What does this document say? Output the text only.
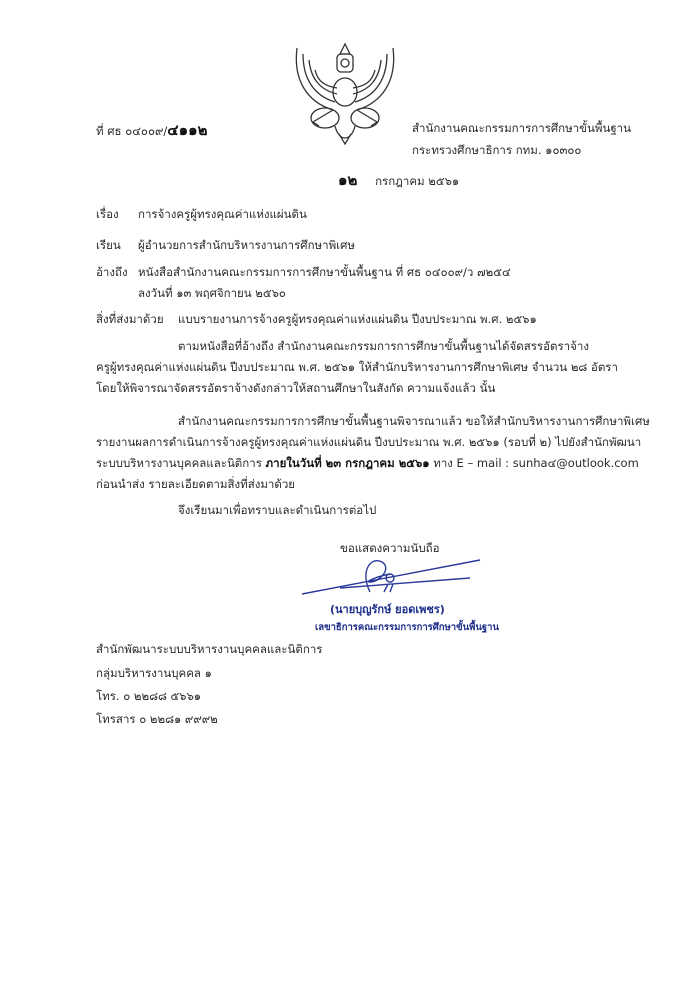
ที่ ศธ ๐๔๐๐๙/๔๑๑๒	สำนักงานคณะกรรมการการศึกษาขั้นพื้นฐาน
กระทรวงศึกษาธิการ กทม. ๑๐๓๐๐
๑๒ กรกฎาคม ๒๕๖๑
เรื่อง การจ้างครูผู้ทรงคุณค่าแห่งแผ่นดิน
เรียน ผู้อำนวยการสำนักบริหารงานการศึกษาพิเศษ
อ้างถึง หนังสือสำนักงานคณะกรรมการการศึกษาขั้นพื้นฐาน ที่ ศธ ๐๔๐๐๙/ว ๗๒๕๔
ลงวันที่ ๑๓ พฤศจิกายน ๒๕๖๐
สิ่งที่ส่งมาด้วย แบบรายงานการจ้างครูผู้ทรงคุณค่าแห่งแผ่นดิน ปีงบประมาณ พ.ศ. ๒๕๖๑
ตามหนังสือที่อ้างถึง สำนักงานคณะกรรมการการศึกษาขั้นพื้นฐานได้จัดสรรอัตราจ้าง
ครูผู้ทรงคุณค่าแห่งแผ่นดิน ปีงบประมาณ พ.ศ. ๒๕๖๑ ให้สำนักบริหารงานการศึกษาพิเศษ จำนวน ๒๘ อัตรา
โดยให้พิจารณาจัดสรรอัตราจ้างดังกล่าวให้สถานศึกษาในสังกัด ความแจ้งแล้ว นั้น
สำนักงานคณะกรรมการการศึกษาขั้นพื้นฐานพิจารณาแล้ว ขอให้สำนักบริหารงานการศึกษาพิเศษ
รายงานผลการดำเนินการจ้างครูผู้ทรงคุณค่าแห่งแผ่นดิน ปีงบประมาณ พ.ศ. ๒๕๖๑ (รอบที่ ๒) ไปยังสำนักพัฒนา
ระบบบริหารงานบุคคลและนิติการ ภายในวันที่ ๒๓ กรกฎาคม ๒๕๖๑ ทาง E – mail : sunha๔@outlook.com
ก่อนนำส่ง รายละเอียดตามสิ่งที่ส่งมาด้วย
จึงเรียนมาเพื่อทราบและดำเนินการต่อไป
ขอแสดงความนับถือ
(นายบุญรักษ์ ยอดเพชร)
เลขาธิการคณะกรรมการการศึกษาขั้นพื้นฐาน
สำนักพัฒนาระบบบริหารงานบุคคลและนิติการ
กลุ่มบริหารงานบุคคล ๑
โทร. ๐ ๒๒๘๘ ๕๖๖๑
โทรสาร ๐ ๒๒๘๑ ๙๙๙๒
